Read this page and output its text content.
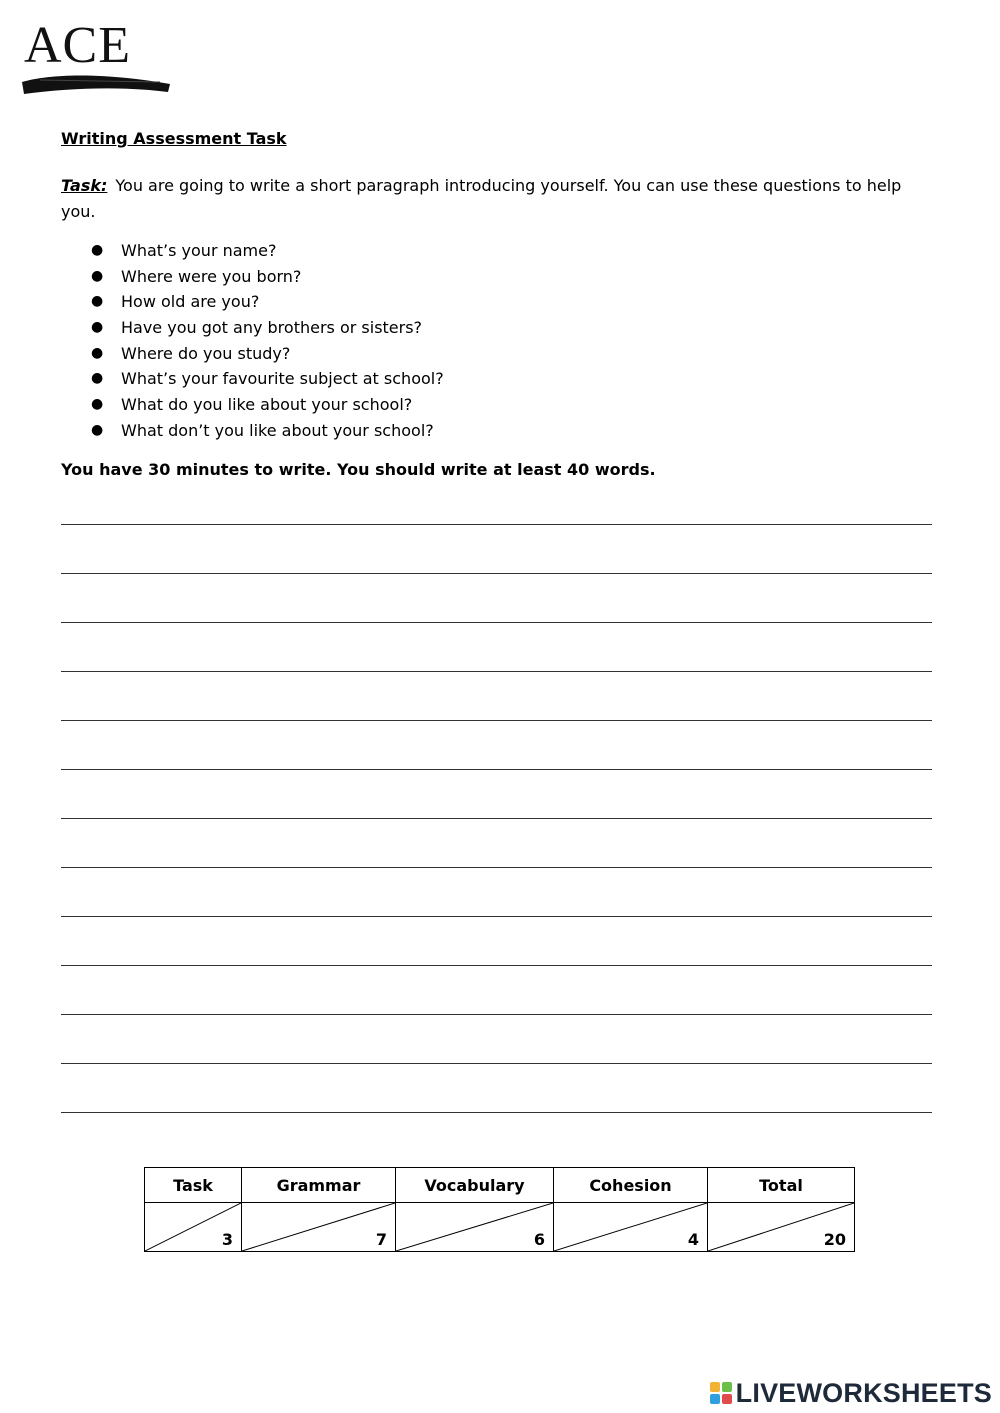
ACE
Writing Assessment Task
Task: You are going to write a short paragraph introducing yourself. You can use these questions to help you.
● What’s your name?
● Where were you born?
● How old are you?
● Have you got any brothers or sisters?
● Where do you study?
● What’s your favourite subject at school?
● What do you like about your school?
● What don’t you like about your school?
You have 30 minutes to write. You should write at least 40 words.
Task	Grammar	Vocabulary	Cohesion	Total

3	7	6	4	20
LIVEWORKSHEETS
